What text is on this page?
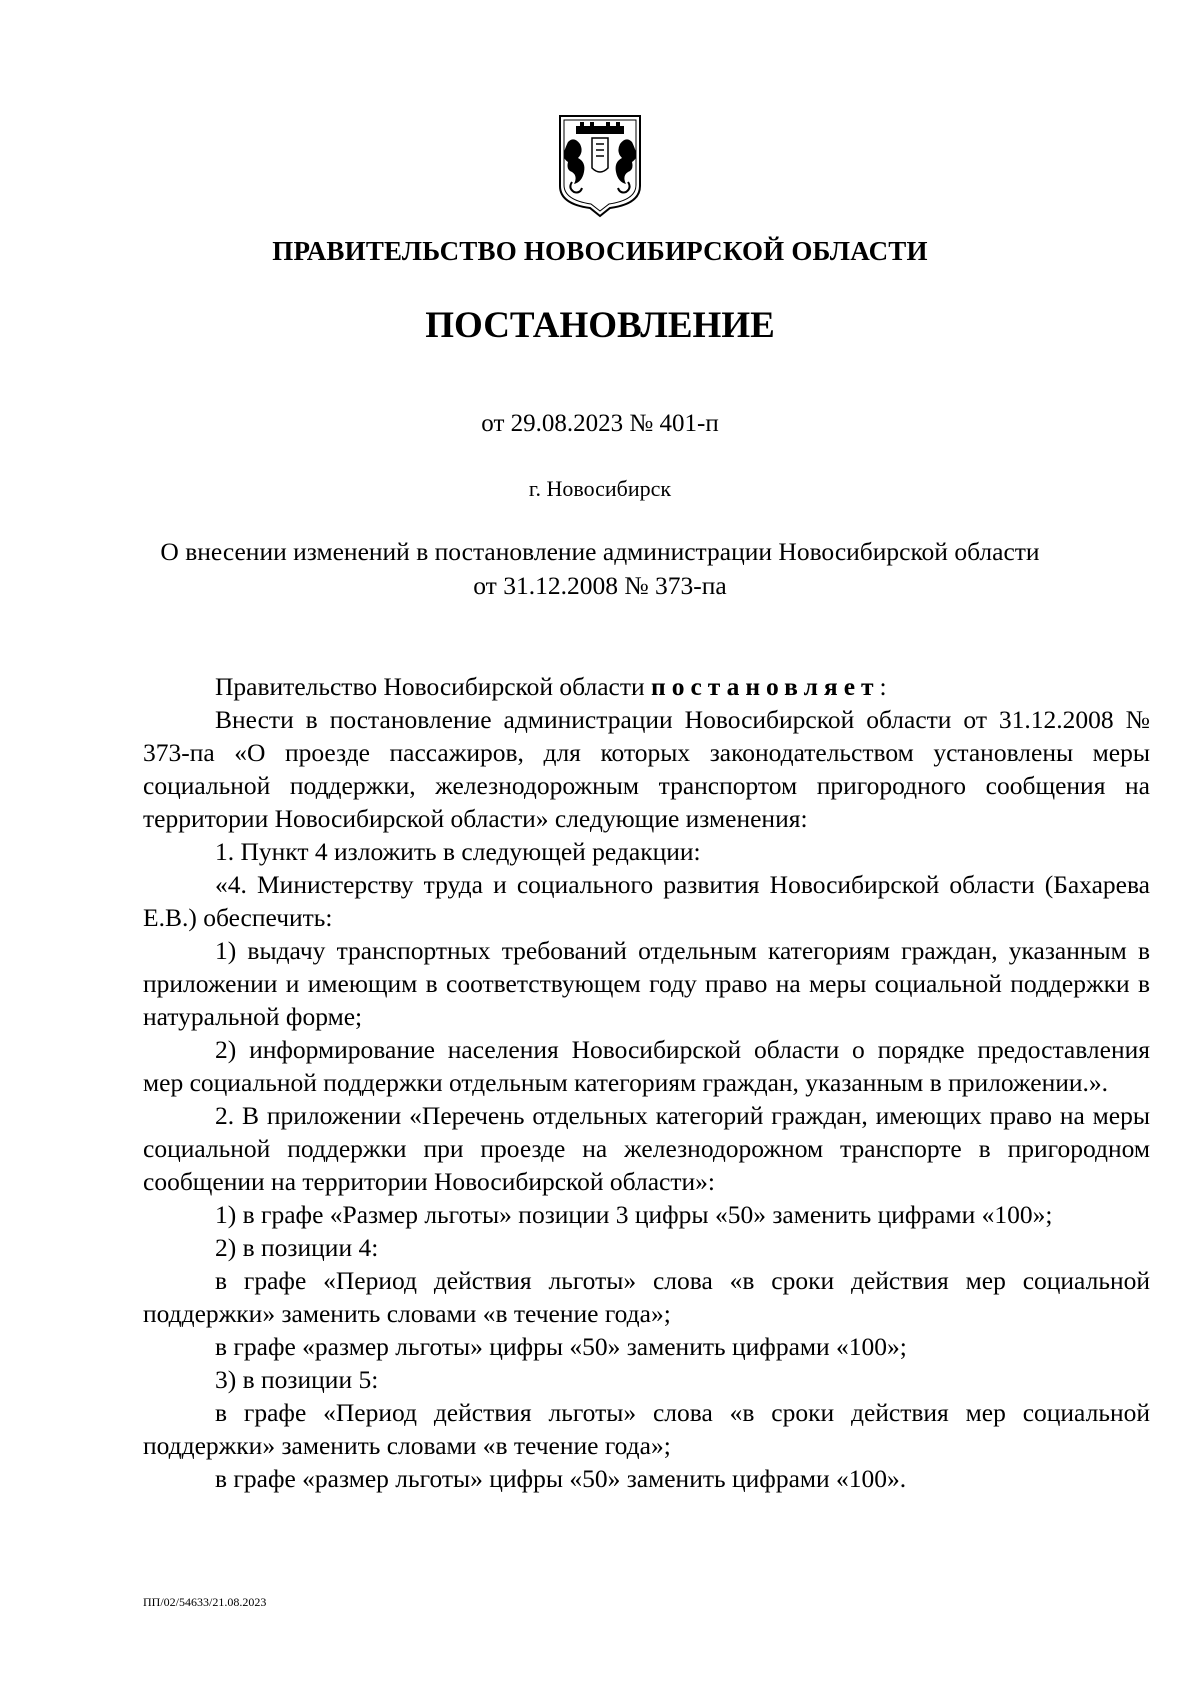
ПРАВИТЕЛЬСТВО НОВОСИБИРСКОЙ ОБЛАСТИ
ПОСТАНОВЛЕНИЕ
от 29.08.2023 № 401-п
г. Новосибирск
О внесении изменений в постановление администрации Новосибирской области
от 31.12.2008 № 373-па

Правительство Новосибирской области постановляет:

Внести в постановление администрации Новосибирской области от 31.12.2008 № 373-па «О проезде пассажиров, для которых законодательством установлены меры социальной поддержки, железнодорожным транспортом пригородного сообщения на территории Новосибирской области» следующие изменения:

1. Пункт 4 изложить в следующей редакции:

«4. Министерству труда и социального развития Новосибирской области (Бахарева Е.В.) обеспечить:

1) выдачу транспортных требований отдельным категориям граждан, указанным в приложении и имеющим в соответствующем году право на меры социальной поддержки в натуральной форме;

2) информирование населения Новосибирской области о порядке предоставления мер социальной поддержки отдельным категориям граждан, указанным в приложении.».

2. В приложении «Перечень отдельных категорий граждан, имеющих право на меры социальной поддержки при проезде на железнодорожном транспорте в пригородном сообщении на территории Новосибирской области»:

1) в графе «Размер льготы» позиции 3 цифры «50» заменить цифрами «100»;

2) в позиции 4:

в графе «Период действия льготы» слова «в сроки действия мер социальной поддержки» заменить словами «в течение года»;

в графе «размер льготы» цифры «50» заменить цифрами «100»;

3) в позиции 5:

в графе «Период действия льготы» слова «в сроки действия мер социальной поддержки» заменить словами «в течение года»;

в графе «размер льготы» цифры «50» заменить цифрами «100».

ПП/02/54633/21.08.2023
